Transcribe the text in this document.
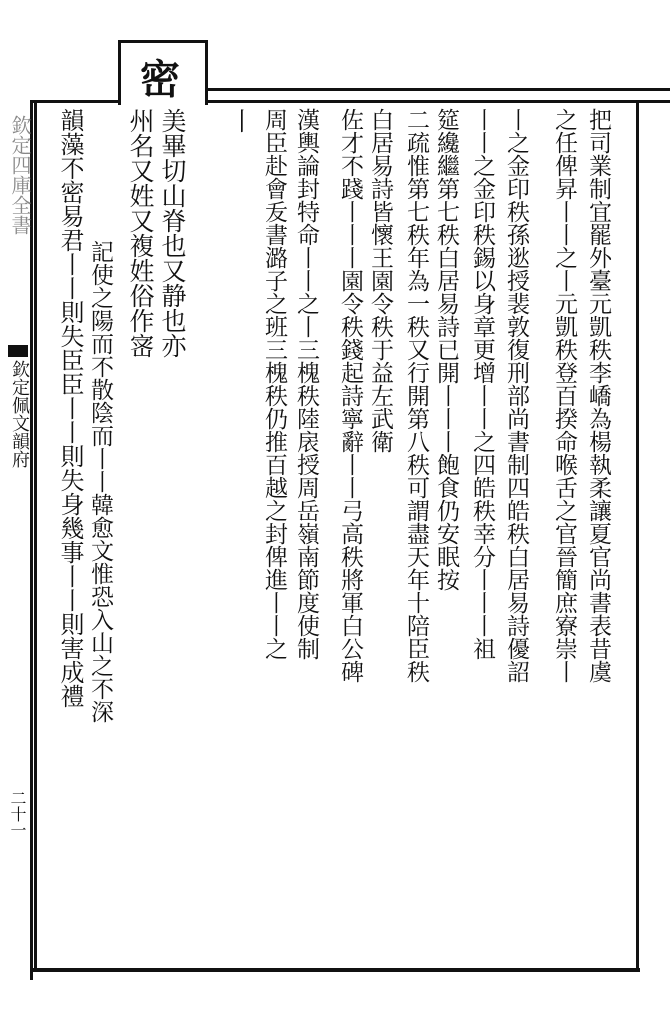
欽定四庫全書
欽定佩文韻府
二十一
密
韻藻不密易君丨丨則失臣臣丨丨則失身幾事丨丨則害成禮 記使之陽而不散陰而丨丨韓愈文惟恐入山之不深
美畢切山脊也又静也亦
州名又姓又複姓俗作宻	丨 周臣赴會叐書潞子之班三槐秩仍推百越之封俾進丨丨之 漢輿論封特命丨丨之丨三槐秩陸扆授周岳嶺南節度使制 佐才不踐丨丨丨園令秩錢起詩寧辭丨丨弓高秩將軍白公碑 白居易詩皆懷王園令秩于益左武衛 二疏惟第七秩年為一秩又行開第八秩可謂盡天年十陪臣秩 筵纔繼第七秩白居易詩已開丨丨丨飽食仍安眠按 丨丨之金印秩錫以身章更增丨丨之四皓秩幸分丨丨丨祖 丨之金印秩孫逖授裴敦復刑部尚書制四皓秩白居易詩優詔 之任俾昇丨丨之丨元凱秩登百揆命喉舌之官晉簡庶寮崇丨 把司業制宜罷外臺元凱秩李嶠為楊執柔讓夏官尚書表昔虞
